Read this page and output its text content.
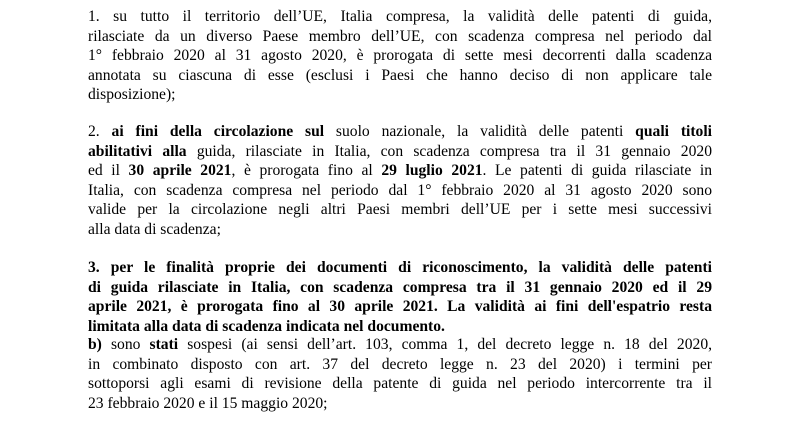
1. su tutto il territorio dell’UE, Italia compresa, la validità delle patenti di guida,
rilasciate da un diverso Paese membro dell’UE, con scadenza compresa nel periodo dal
1° febbraio 2020 al 31 agosto 2020, è prorogata di sette mesi decorrenti dalla scadenza
annotata su ciascuna di esse (esclusi i Paesi che hanno deciso di non applicare tale
disposizione);
2. ai fini della circolazione sul suolo nazionale, la validità delle patenti quali titoli
abilitativi alla guida, rilasciate in Italia, con scadenza compresa tra il 31 gennaio 2020
ed il 30 aprile 2021, è prorogata fino al 29 luglio 2021. Le patenti di guida rilasciate in
Italia, con scadenza compresa nel periodo dal 1° febbraio 2020 al 31 agosto 2020 sono
valide per la circolazione negli altri Paesi membri dell’UE per i sette mesi successivi
alla data di scadenza;
3. per le finalità proprie dei documenti di riconoscimento, la validità delle patenti
di guida rilasciate in Italia, con scadenza compresa tra il 31 gennaio 2020 ed il 29
aprile 2021, è prorogata fino al 30 aprile 2021. La validità ai fini dell'espatrio resta
limitata alla data di scadenza indicata nel documento.
b) sono stati sospesi (ai sensi dell’art. 103, comma 1, del decreto legge n. 18 del 2020,
in combinato disposto con art. 37 del decreto legge n. 23 del 2020) i termini per
sottoporsi agli esami di revisione della patente di guida nel periodo intercorrente tra il
23 febbraio 2020 e il 15 maggio 2020;
